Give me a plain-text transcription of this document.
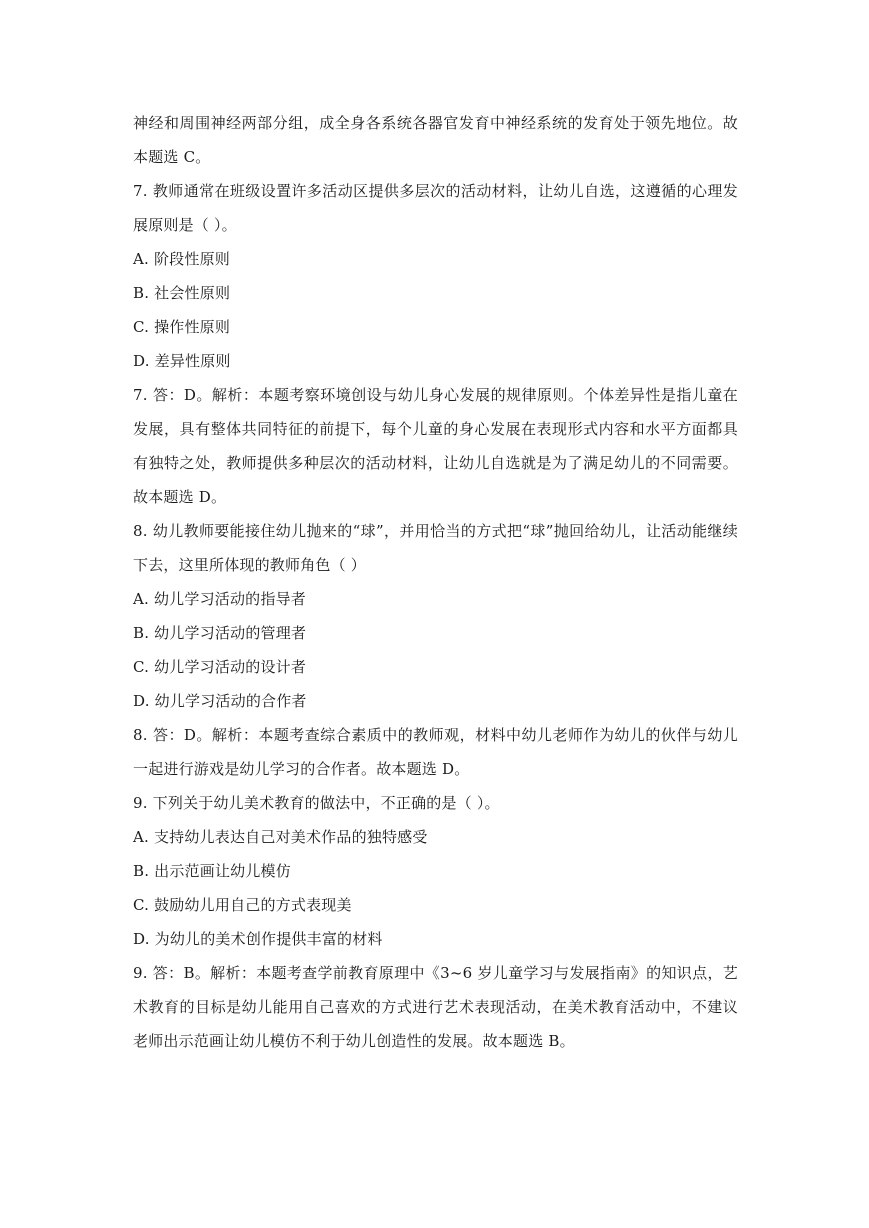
神经和周围神经两部分组，成全身各系统各器官发育中神经系统的发育处于领先地位。故本题选 C。

7. 教师通常在班级设置许多活动区提供多层次的活动材料，让幼儿自选，这遵循的心理发展原则是（ ）。

A. 阶段性原则

B. 社会性原则

C. 操作性原则

D. 差异性原则

7. 答：D。解析：本题考察环境创设与幼儿身心发展的规律原则。个体差异性是指儿童在发展，具有整体共同特征的前提下，每个儿童的身心发展在表现形式内容和水平方面都具有独特之处，教师提供多种层次的活动材料，让幼儿自选就是为了满足幼儿的不同需要。故本题选 D。

8. 幼儿教师要能接住幼儿抛来的“球”，并用恰当的方式把“球”抛回给幼儿，让活动能继续下去，这里所体现的教师角色（ ）

A. 幼儿学习活动的指导者

B. 幼儿学习活动的管理者

C. 幼儿学习活动的设计者

D. 幼儿学习活动的合作者

8. 答：D。解析：本题考查综合素质中的教师观，材料中幼儿老师作为幼儿的伙伴与幼儿一起进行游戏是幼儿学习的合作者。故本题选 D。

9. 下列关于幼儿美术教育的做法中，不正确的是（ ）。

A. 支持幼儿表达自己对美术作品的独特感受

B. 出示范画让幼儿模仿

C. 鼓励幼儿用自己的方式表现美

D. 为幼儿的美术创作提供丰富的材料

9. 答：B。解析：本题考查学前教育原理中《3~6 岁儿童学习与发展指南》的知识点，艺术教育的目标是幼儿能用自己喜欢的方式进行艺术表现活动，在美术教育活动中，不建议老师出示范画让幼儿模仿不利于幼儿创造性的发展。故本题选 B。
